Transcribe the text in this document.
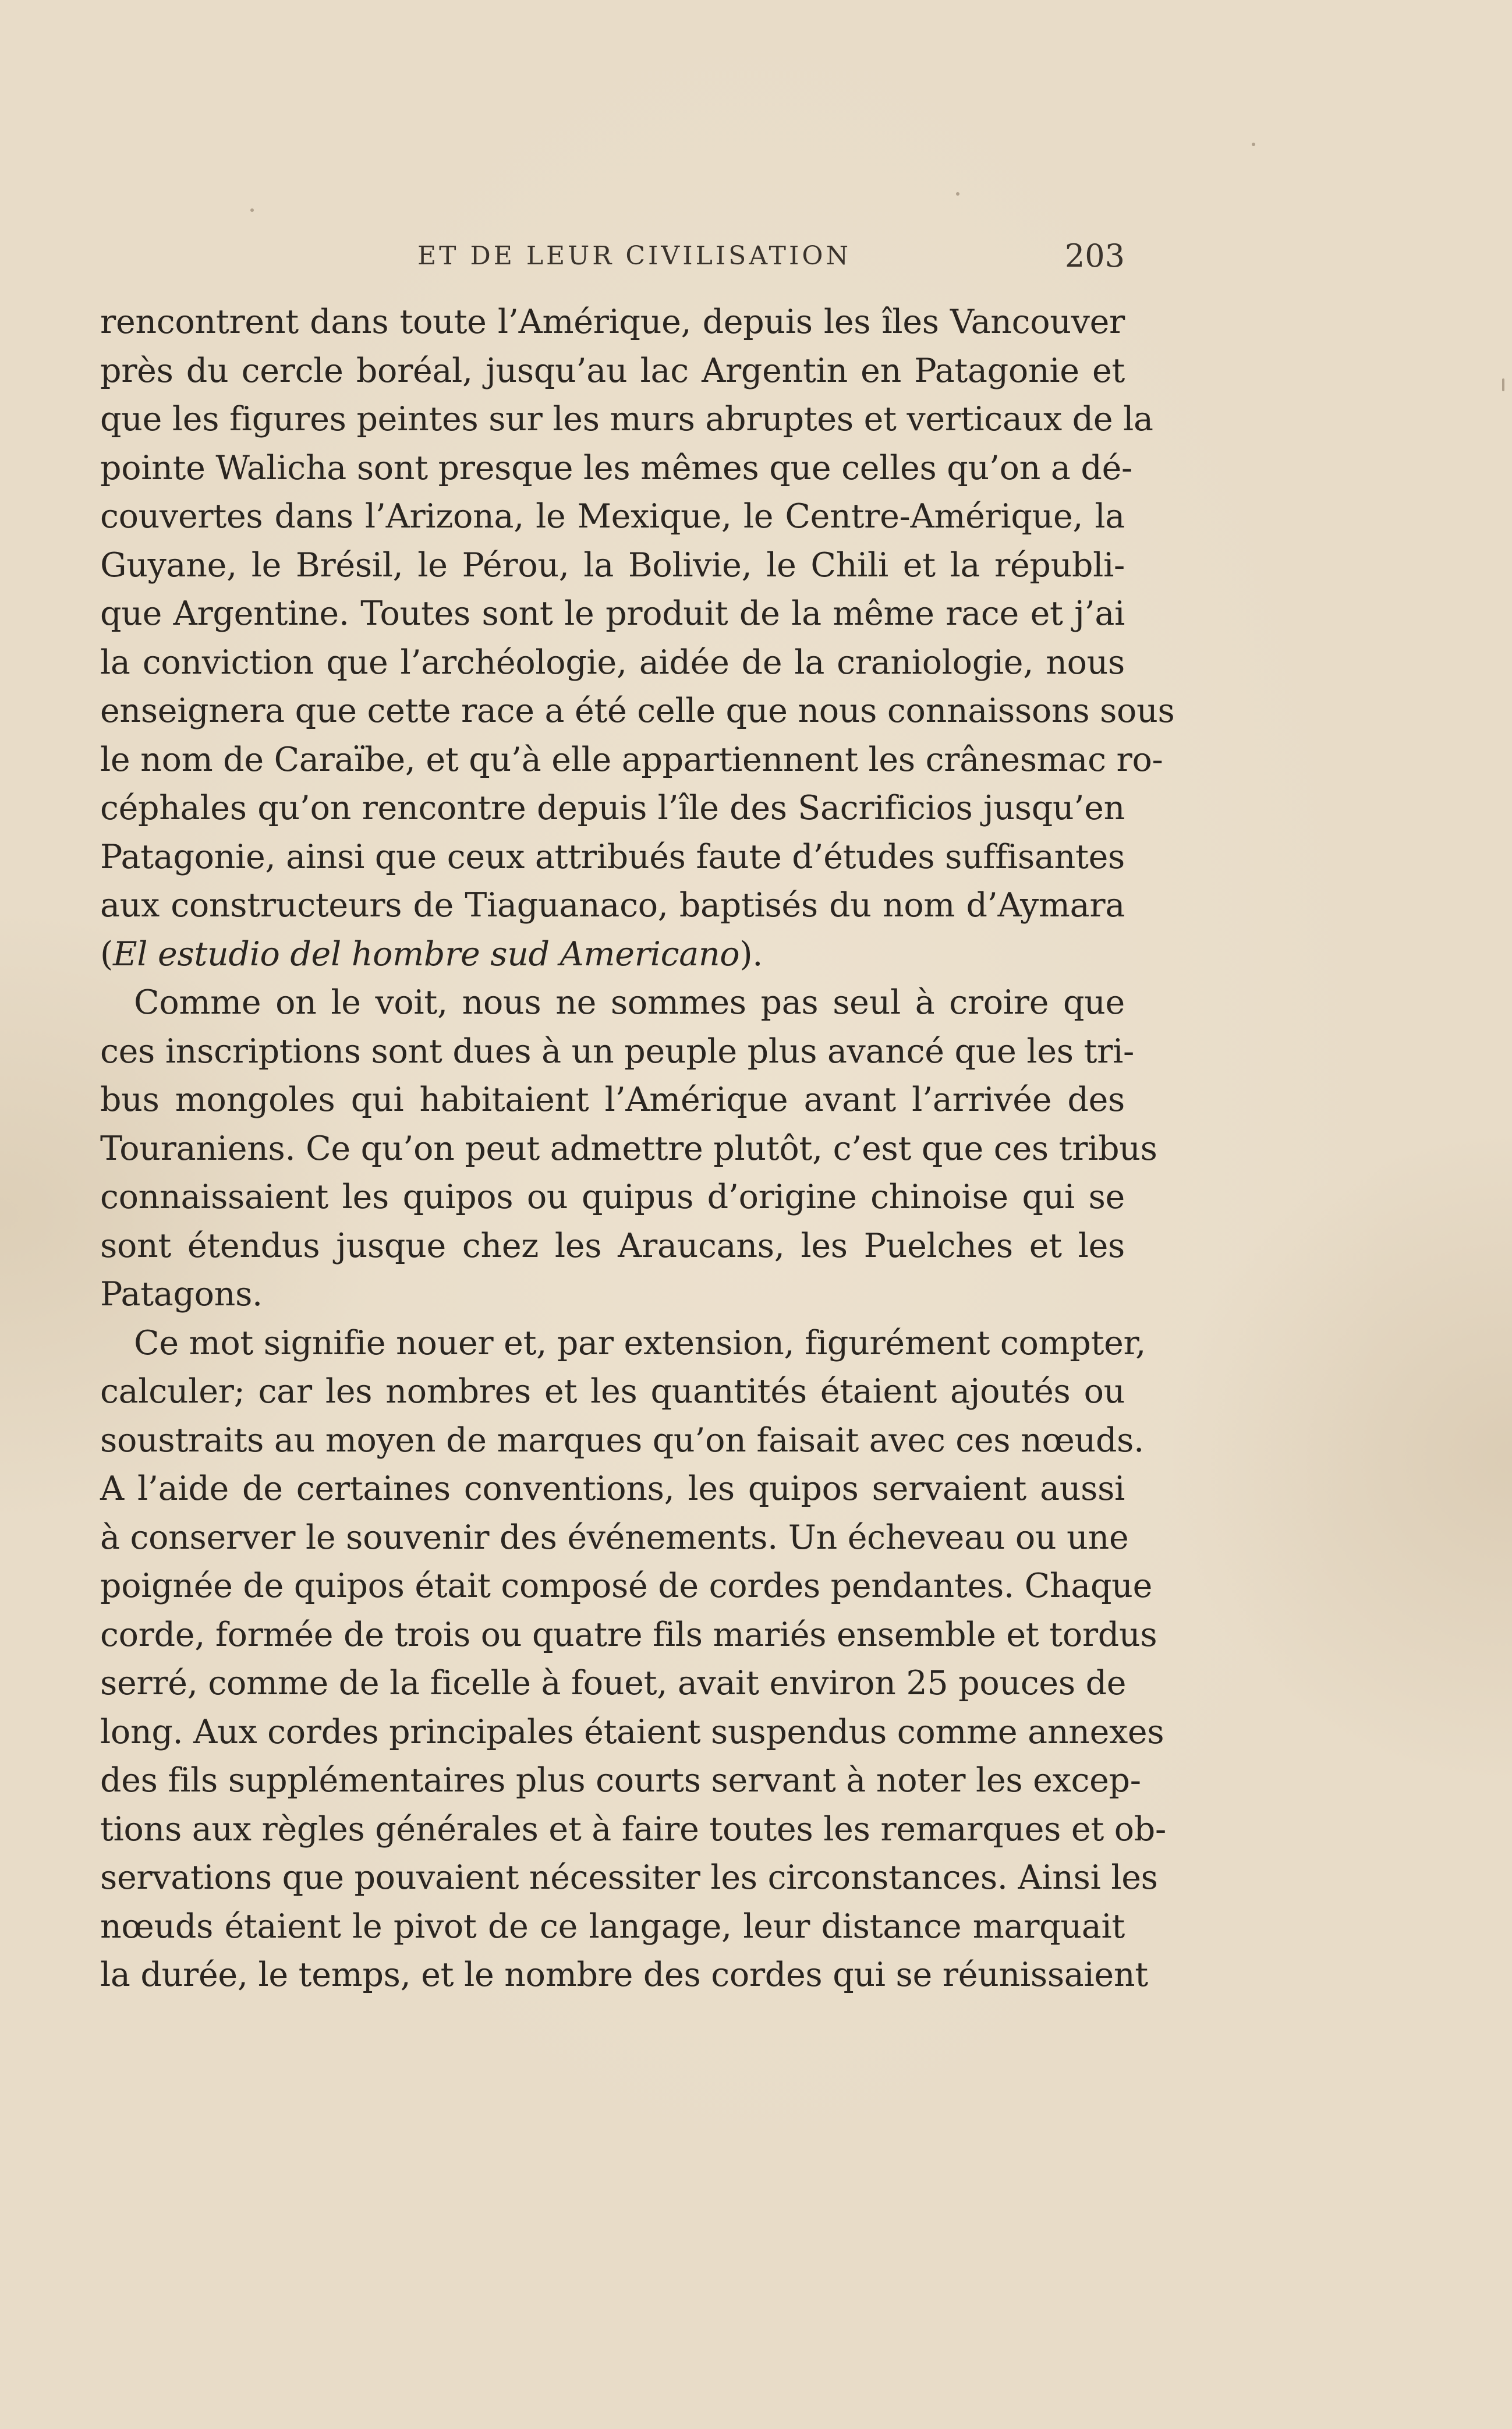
ET DE LEUR CIVILISATION	203
rencontrent dans toute l’Amérique, depuis les îles Vancouver
près du cercle boréal, jusqu’au lac Argentin en Patagonie et
que les figures peintes sur les murs abruptes et verticaux de la
pointe Walicha sont presque les mêmes que celles qu’on a dé-
couvertes dans l’Arizona, le Mexique, le Centre-Amérique, la
Guyane, le Brésil, le Pérou, la Bolivie, le Chili et la républi-
que Argentine. Toutes sont le produit de la même race et j’ai
la conviction que l’archéologie, aidée de la craniologie, nous
enseignera que cette race a été celle que nous connaissons sous
le nom de Caraïbe, et qu’à elle appartiennent les crânesmac ro-
céphales qu’on rencontre depuis l’île des Sacrificios jusqu’en
Patagonie, ainsi que ceux attribués faute d’études suffisantes
aux constructeurs de Tiaguanaco, baptisés du nom d’Aymara
(El estudio del hombre sud Americano).
Comme on le voit, nous ne sommes pas seul à croire que
ces inscriptions sont dues à un peuple plus avancé que les tri-
bus mongoles qui habitaient l’Amérique avant l’arrivée des
Touraniens. Ce qu’on peut admettre plutôt, c’est que ces tribus
connaissaient les quipos ou quipus d’origine chinoise qui se
sont étendus jusque chez les Araucans, les Puelches et les
Patagons.
Ce mot signifie nouer et, par extension, figurément compter,
calculer; car les nombres et les quantités étaient ajoutés ou
soustraits au moyen de marques qu’on faisait avec ces nœuds.
A l’aide de certaines conventions, les quipos servaient aussi
à conserver le souvenir des événements. Un écheveau ou une
poignée de quipos était composé de cordes pendantes. Chaque
corde, formée de trois ou quatre fils mariés ensemble et tordus
serré, comme de la ficelle à fouet, avait environ 25 pouces de
long. Aux cordes principales étaient suspendus comme annexes
des fils supplémentaires plus courts servant à noter les excep-
tions aux règles générales et à faire toutes les remarques et ob-
servations que pouvaient nécessiter les circonstances. Ainsi les
nœuds étaient le pivot de ce langage, leur distance marquait
la durée, le temps, et le nombre des cordes qui se réunissaient
